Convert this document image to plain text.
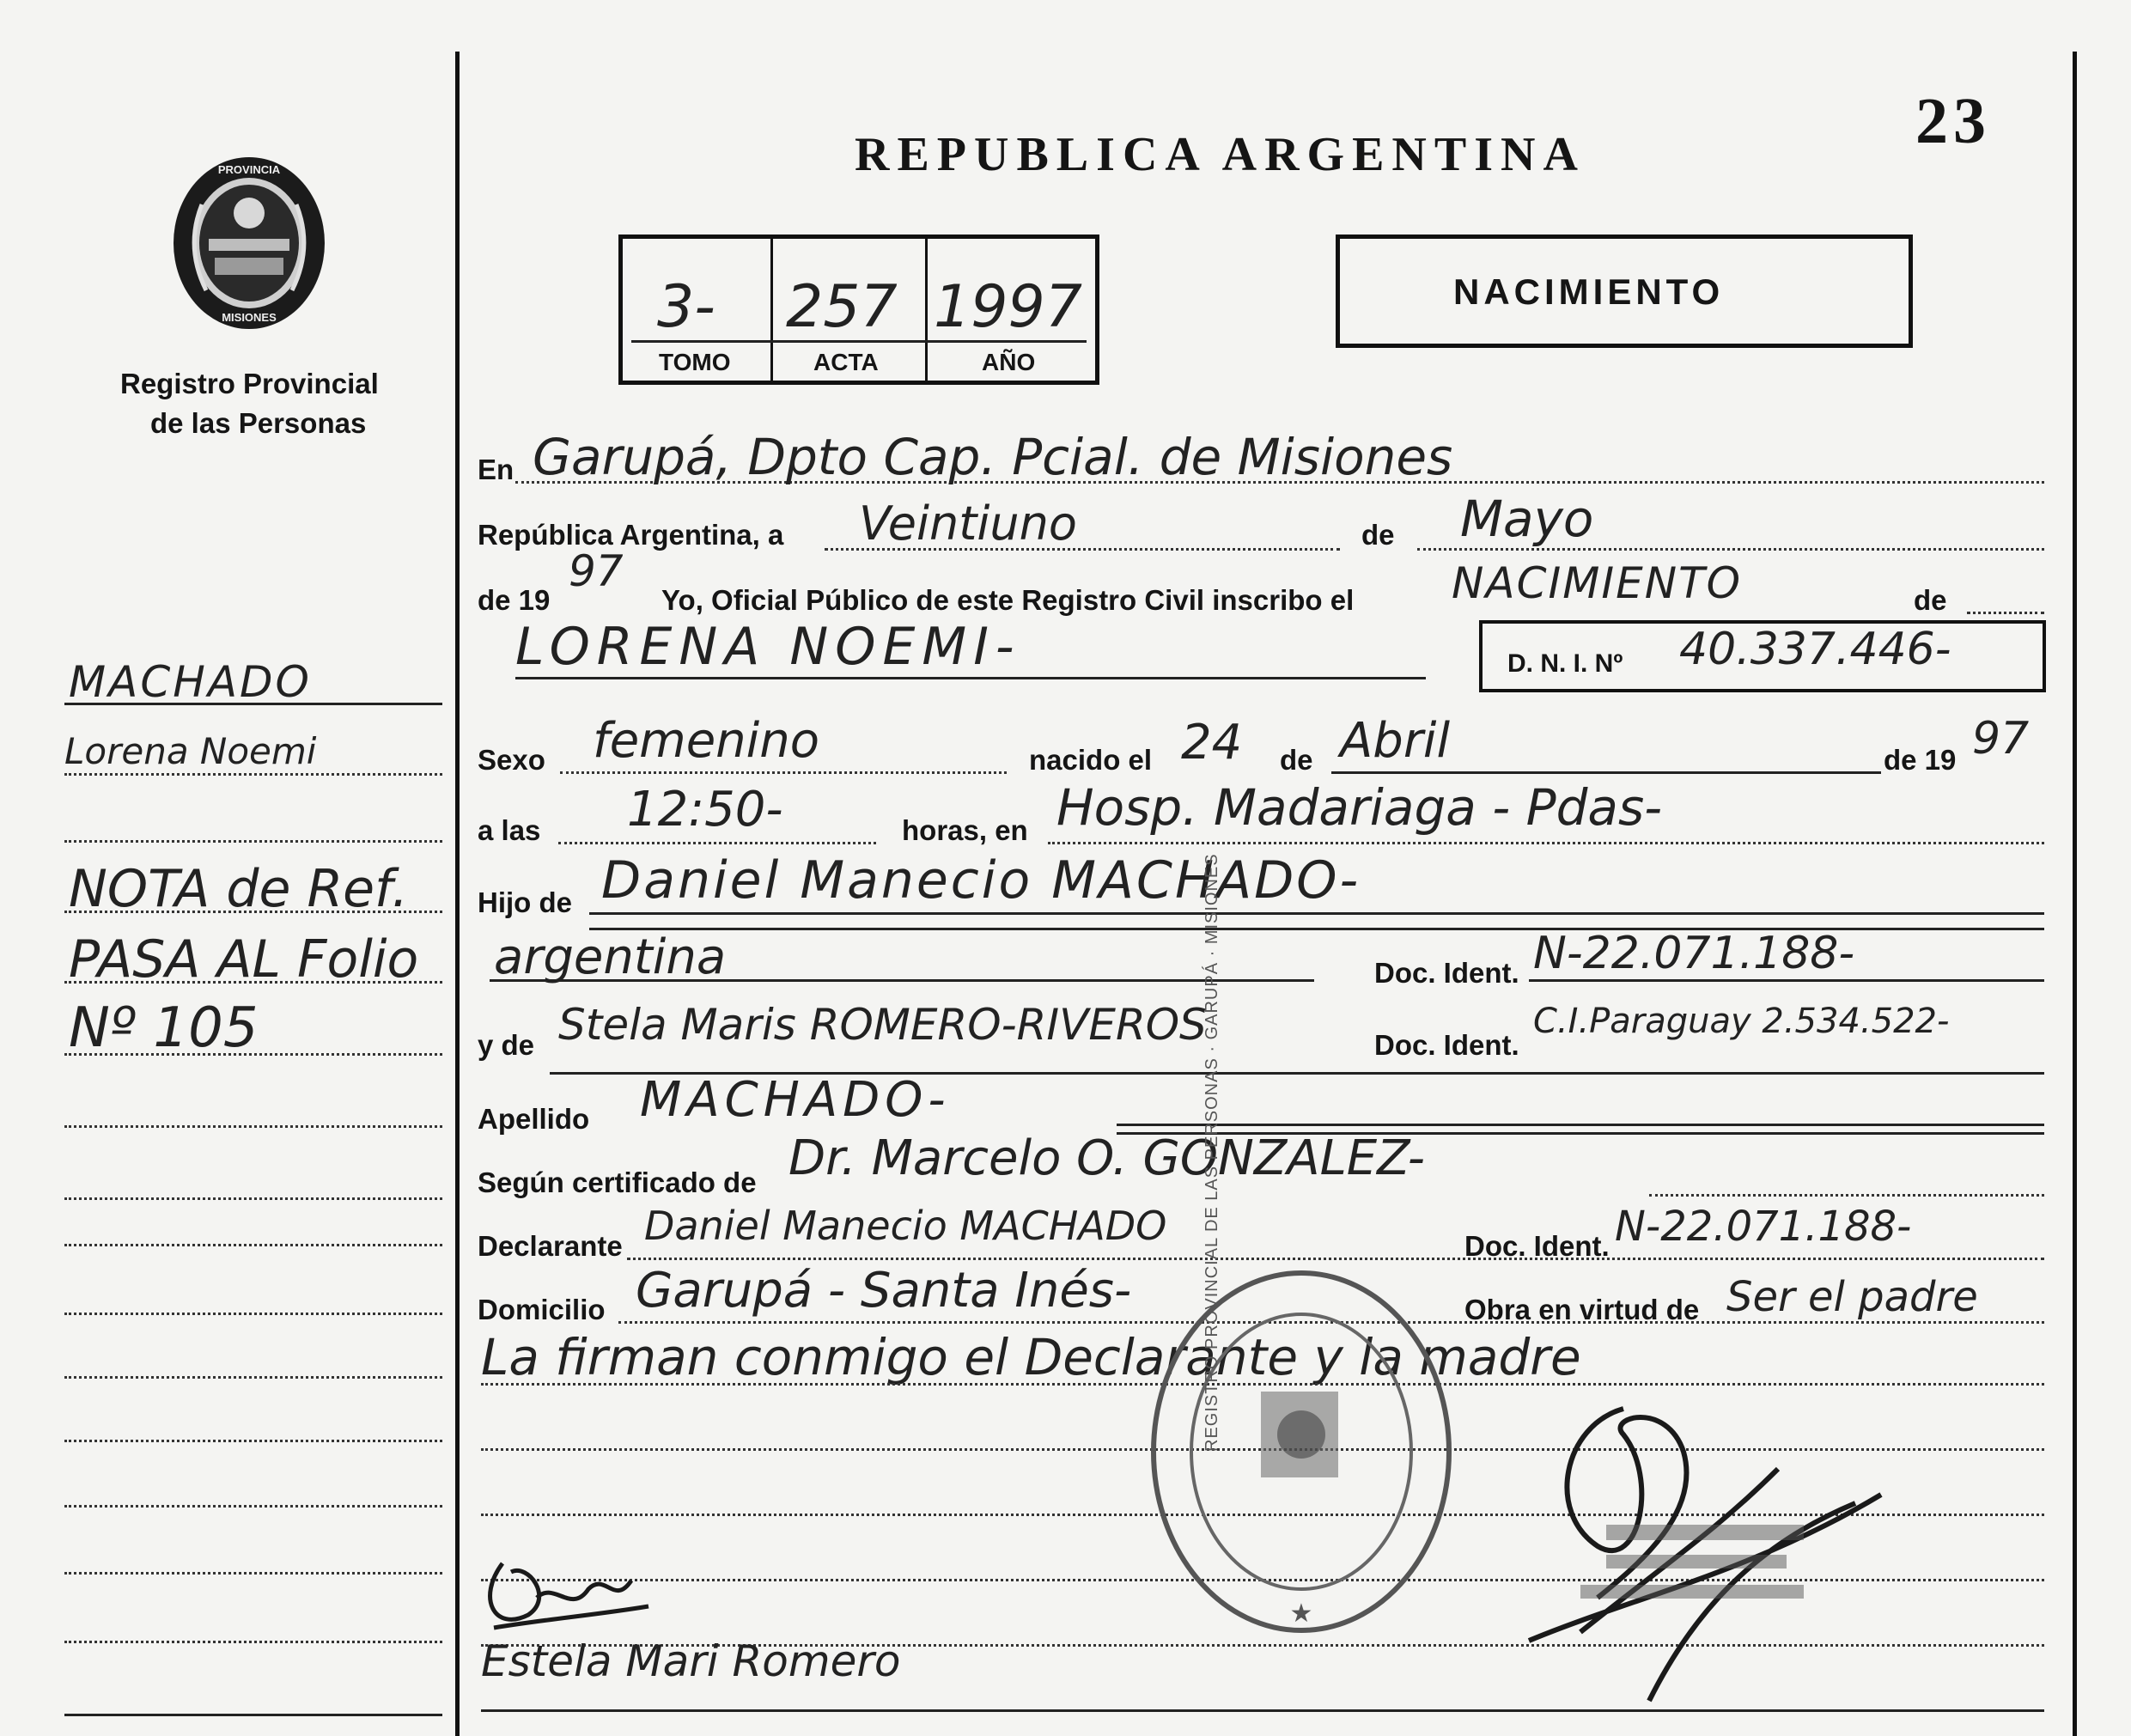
PROVINCIA
MISIONES
Registro Provincial
de las Personas
REPUBLICA ARGENTINA	23
3- 257 1997
TOMO	ACTA	AÑO
NACIMIENTO
MACHADO
Lorena Noemi
NOTA de Ref.
PASA AL Folio
Nº 105
En Garupá, Dpto Cap. Pcial. de Misiones
República Argentina, a Veintiuno	de Mayo
de 19
97
Yo, Oficial Público de este Registro Civil inscribo el NACIMIENTO	de
LORENA NOEMI-	D. N. I. Nº 40.337.446-
Sexo femenino	nacido el 24 de Abril	de 19 97
a las 12:50-	horas, en Hosp. Madariaga - Pdas-
Hijo de Daniel Manecio MACHADO-
argentina	Doc. Ident. N-22.071.188-
y de Stela Maris ROMERO-RIVEROS	Doc. Ident.
C.I.Paraguay 2.534.522-
Apellido MACHADO-
Según certificado de Dr. Marcelo O. GONZALEZ-
Declarante Daniel Manecio MACHADO	Doc. Ident. N-22.071.188-
Domicilio Garupá - Santa Inés-	Obra en virtud de Ser el padre
La firman conmigo el Declarante y la madre
★
REGISTRO PROVINCIAL DE LAS PERSONAS · GARUPÁ · MISIONES
Estela Mari Romero
